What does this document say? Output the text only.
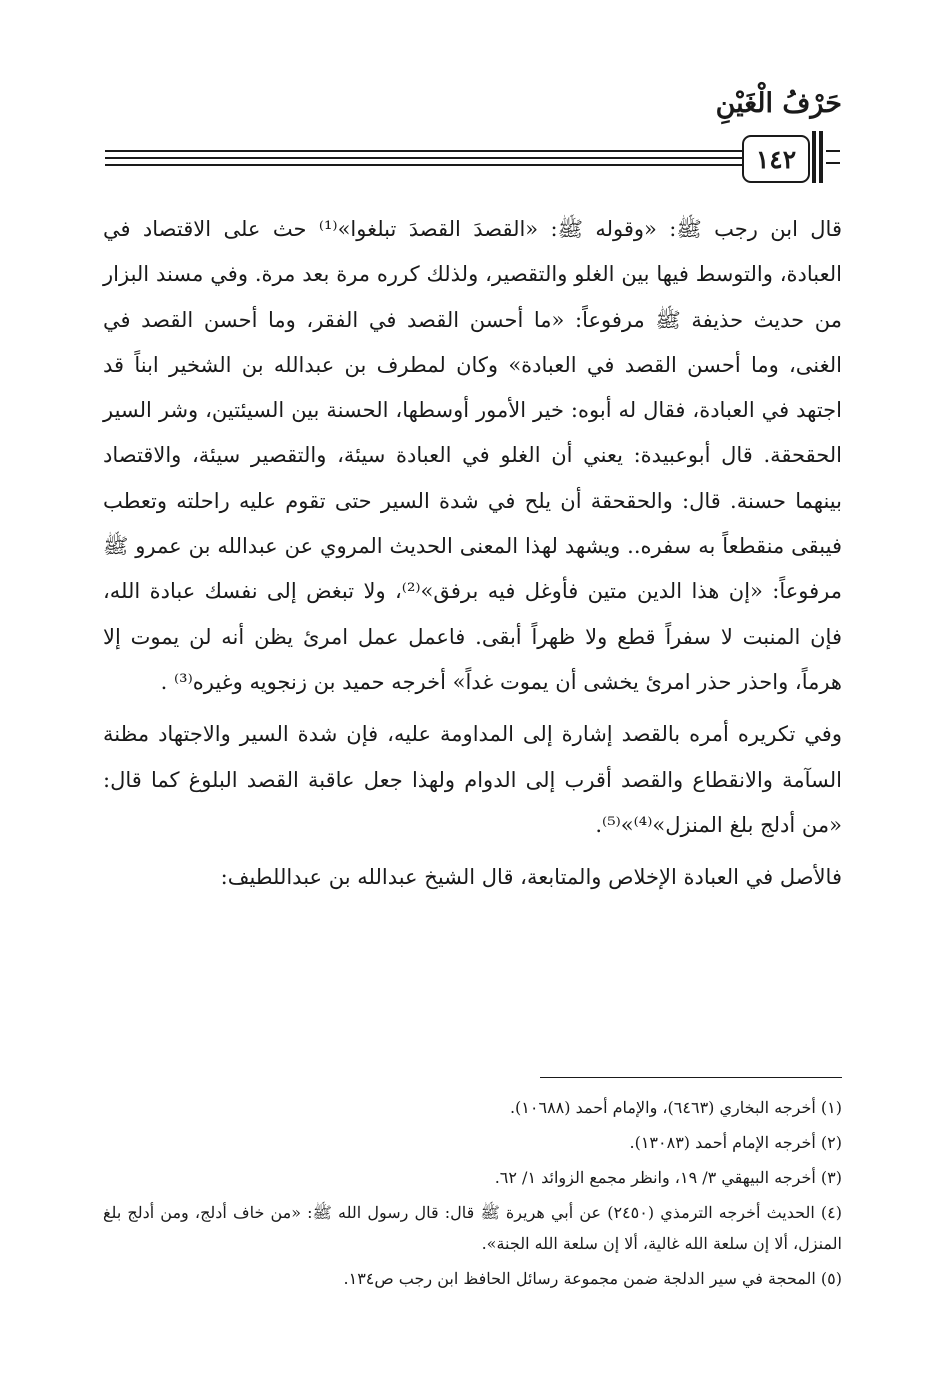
حَرْفُ الْغَيْنِ
١٤٢

قال ابن رجب ﷺ: «وقوله ﷺ: «القصدَ القصدَ تبلغوا»⁽¹⁾ حث على الاقتصاد في العبادة، والتوسط فيها بين الغلو والتقصير، ولذلك كرره مرة بعد مرة. وفي مسند البزار من حديث حذيفة ﷺ مرفوعاً: «ما أحسن القصد في الفقر، وما أحسن القصد في الغنى، وما أحسن القصد في العبادة» وكان لمطرف بن عبدالله بن الشخير ابناً قد اجتهد في العبادة، فقال له أبوه: خير الأمور أوسطها، الحسنة بين السيئتين، وشر السير الحقحقة. قال أبوعبيدة: يعني أن الغلو في العبادة سيئة، والتقصير سيئة، والاقتصاد بينهما حسنة. قال: والحقحقة أن يلح في شدة السير حتى تقوم عليه راحلته وتعطب فيبقى منقطعاً به سفره.. ويشهد لهذا المعنى الحديث المروي عن عبدالله بن عمرو ﷺ مرفوعاً: «إن هذا الدين متين فأوغل فيه برفق»⁽²⁾، ولا تبغض إلى نفسك عبادة الله، فإن المنبت لا سفراً قطع ولا ظهراً أبقى. فاعمل عمل امرئ يظن أنه لن يموت إلا هرماً، واحذر حذر امرئ يخشى أن يموت غداً» أخرجه حميد بن زنجويه وغيره⁽³⁾ .

وفي تكريره أمره بالقصد إشارة إلى المداومة عليه، فإن شدة السير والاجتهاد مظنة السآمة والانقطاع والقصد أقرب إلى الدوام ولهذا جعل عاقبة القصد البلوغ كما قال: «من أدلج بلغ المنزل»⁽⁴⁾»⁽⁵⁾.

فالأصل في العبادة الإخلاص والمتابعة، قال الشيخ عبدالله بن عبداللطيف:

(١) أخرجه البخاري (٦٤٦٣)، والإمام أحمد (١٠٦٨٨).

(٢) أخرجه الإمام أحمد (١٣٠٨٣).

(٣) أخرجه البيهقي ٣/ ١٩، وانظر مجمع الزوائد ١/ ٦٢.

(٤) الحديث أخرجه الترمذي (٢٤٥٠) عن أبي هريرة ﷺ قال: قال رسول الله ﷺ: «من خاف أدلج، ومن أدلج بلغ المنزل، ألا إن سلعة الله غالية، ألا إن سلعة الله الجنة».

(٥) المحجة في سير الدلجة ضمن مجموعة رسائل الحافظ ابن رجب ص١٣٤.
